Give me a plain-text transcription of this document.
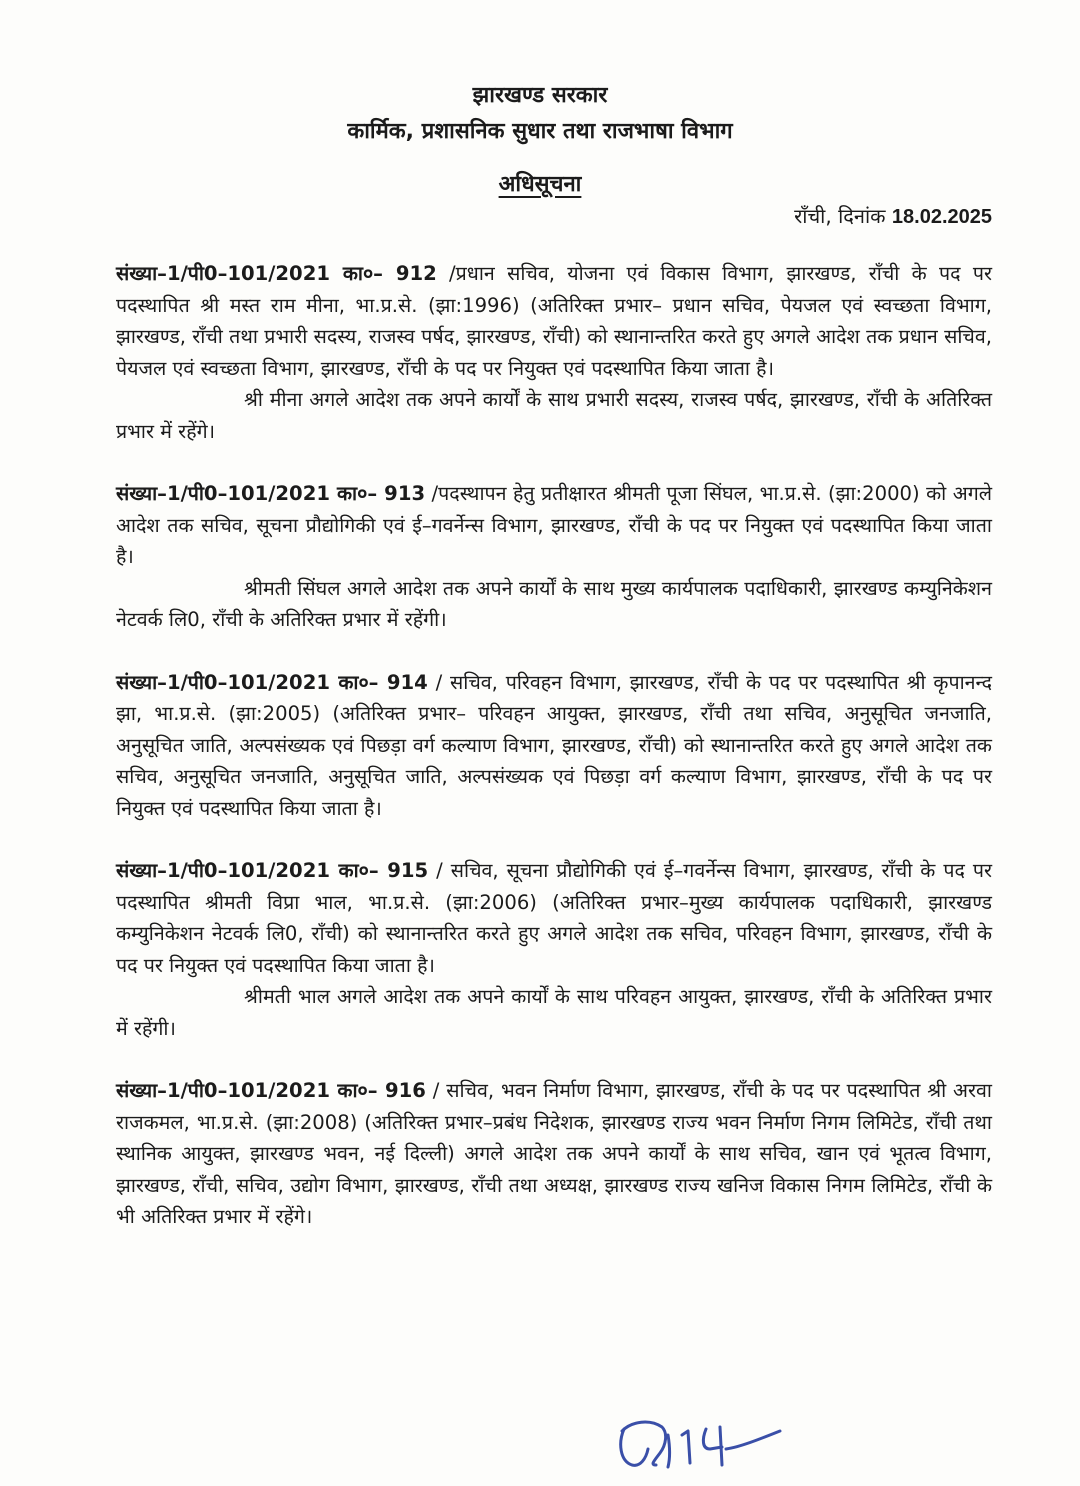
झारखण्ड सरकार
कार्मिक, प्रशासनिक सुधार तथा राजभाषा विभाग
अधिसूचना
राँची, दिनांक 18.02.2025

संख्या–1/पी0–101/2021 का०– 912 /प्रधान सचिव, योजना एवं विकास विभाग, झारखण्ड, राँची के पद पर पदस्थापित श्री मस्त राम मीना, भा.प्र.से. (झा:1996) (अतिरिक्त प्रभार– प्रधान सचिव, पेयजल एवं स्वच्छता विभाग, झारखण्ड, राँची तथा प्रभारी सदस्य, राजस्व पर्षद, झारखण्ड, राँची) को स्थानान्तरित करते हुए अगले आदेश तक प्रधान सचिव, पेयजल एवं स्वच्छता विभाग, झारखण्ड, राँची के पद पर नियुक्त एवं पदस्थापित किया जाता है।

श्री मीना अगले आदेश तक अपने कार्यों के साथ प्रभारी सदस्य, राजस्व पर्षद, झारखण्ड, राँची के अतिरिक्त प्रभार में रहेंगे।

संख्या–1/पी0–101/2021 का०– 913 /पदस्थापन हेतु प्रतीक्षारत श्रीमती पूजा सिंघल, भा.प्र.से. (झा:2000) को अगले आदेश तक सचिव, सूचना प्रौद्योगिकी एवं ई–गवर्नेन्स विभाग, झारखण्ड, राँची के पद पर नियुक्त एवं पदस्थापित किया जाता है।

श्रीमती सिंघल अगले आदेश तक अपने कार्यों के साथ मुख्य कार्यपालक पदाधिकारी, झारखण्ड कम्युनिकेशन नेटवर्क लि0, राँची के अतिरिक्त प्रभार में रहेंगी।

संख्या–1/पी0–101/2021 का०– 914 / सचिव, परिवहन विभाग, झारखण्ड, राँची के पद पर पदस्थापित श्री कृपानन्द झा, भा.प्र.से. (झा:2005) (अतिरिक्त प्रभार– परिवहन आयुक्त, झारखण्ड, राँची तथा सचिव, अनुसूचित जनजाति, अनुसूचित जाति, अल्पसंख्यक एवं पिछड़ा वर्ग कल्याण विभाग, झारखण्ड, राँची) को स्थानान्तरित करते हुए अगले आदेश तक सचिव, अनुसूचित जनजाति, अनुसूचित जाति, अल्पसंख्यक एवं पिछड़ा वर्ग कल्याण विभाग, झारखण्ड, राँची के पद पर नियुक्त एवं पदस्थापित किया जाता है।

संख्या–1/पी0–101/2021 का०– 915 / सचिव, सूचना प्रौद्योगिकी एवं ई–गवर्नेन्स विभाग, झारखण्ड, राँची के पद पर पदस्थापित श्रीमती विप्रा भाल, भा.प्र.से. (झा:2006) (अतिरिक्त प्रभार–मुख्य कार्यपालक पदाधिकारी, झारखण्ड कम्युनिकेशन नेटवर्क लि0, राँची) को स्थानान्तरित करते हुए अगले आदेश तक सचिव, परिवहन विभाग, झारखण्ड, राँची के पद पर नियुक्त एवं पदस्थापित किया जाता है।

श्रीमती भाल अगले आदेश तक अपने कार्यों के साथ परिवहन आयुक्त, झारखण्ड, राँची के अतिरिक्त प्रभार में रहेंगी।

संख्या–1/पी0–101/2021 का०– 916 / सचिव, भवन निर्माण विभाग, झारखण्ड, राँची के पद पर पदस्थापित श्री अरवा राजकमल, भा.प्र.से. (झा:2008) (अतिरिक्त प्रभार–प्रबंध निदेशक, झारखण्ड राज्य भवन निर्माण निगम लिमिटेड, राँची तथा स्थानिक आयुक्त, झारखण्ड भवन, नई दिल्ली) अगले आदेश तक अपने कार्यों के साथ सचिव, खान एवं भूतत्व विभाग, झारखण्ड, राँची, सचिव, उद्योग विभाग, झारखण्ड, राँची तथा अध्यक्ष, झारखण्ड राज्य खनिज विकास निगम लिमिटेड, राँची के भी अतिरिक्त प्रभार में रहेंगे।
